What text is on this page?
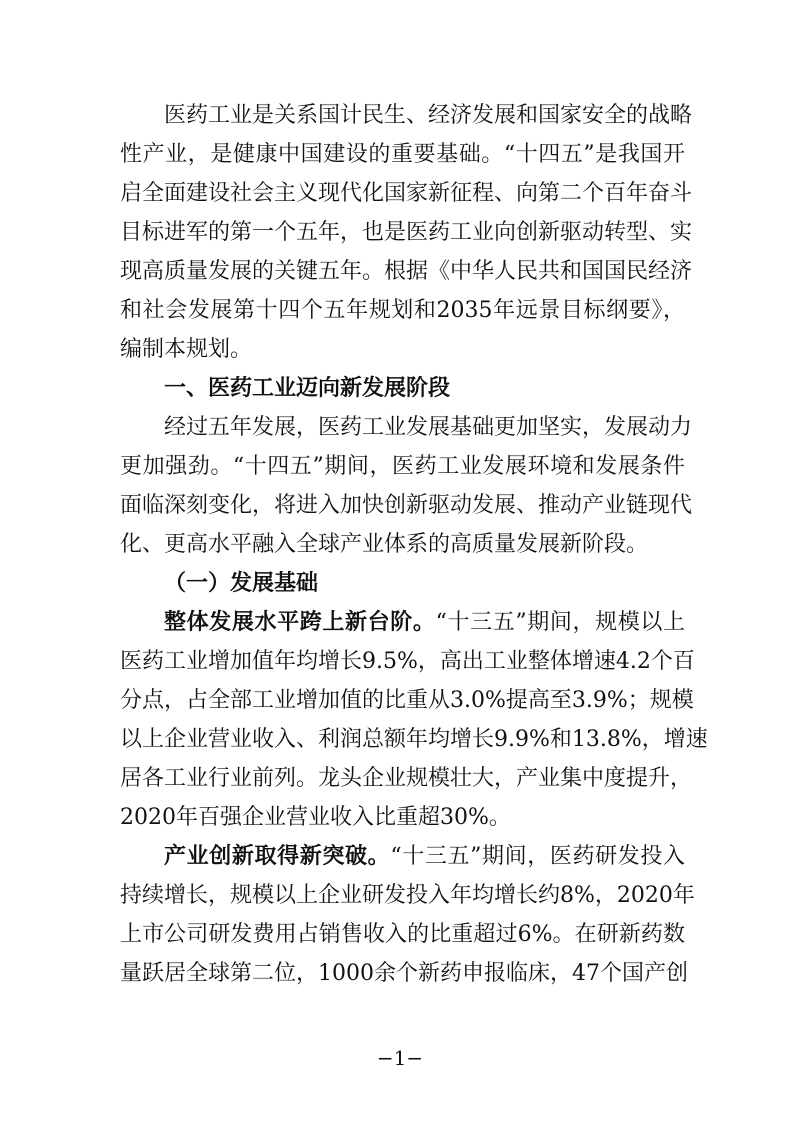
医药工业是关系国计民生、经济发展和国家安全的战略
性产业，是健康中国建设的重要基础。“十四五”是我国开
启全面建设社会主义现代化国家新征程、向第二个百年奋斗
目标进军的第一个五年，也是医药工业向创新驱动转型、实
现高质量发展的关键五年。根据《中华人民共和国国民经济
和社会发展第十四个五年规划和2035年远景目标纲要》，
编制本规划。
一、医药工业迈向新发展阶段
经过五年发展，医药工业发展基础更加坚实，发展动力
更加强劲。“十四五”期间，医药工业发展环境和发展条件
面临深刻变化，将进入加快创新驱动发展、推动产业链现代
化、更高水平融入全球产业体系的高质量发展新阶段。
（一）发展基础
整体发展水平跨上新台阶。“十三五”期间，规模以上
医药工业增加值年均增长9.5%，高出工业整体增速4.2个百
分点，占全部工业增加值的比重从3.0%提高至3.9%；规模
以上企业营业收入、利润总额年均增长9.9%和13.8%，增速
居各工业行业前列。龙头企业规模壮大，产业集中度提升，
2020年百强企业营业收入比重超30%。
产业创新取得新突破。“十三五”期间，医药研发投入
持续增长，规模以上企业研发投入年均增长约8%，2020年
上市公司研发费用占销售收入的比重超过6%。在研新药数
量跃居全球第二位，1000余个新药申报临床，47个国产创
−1−
